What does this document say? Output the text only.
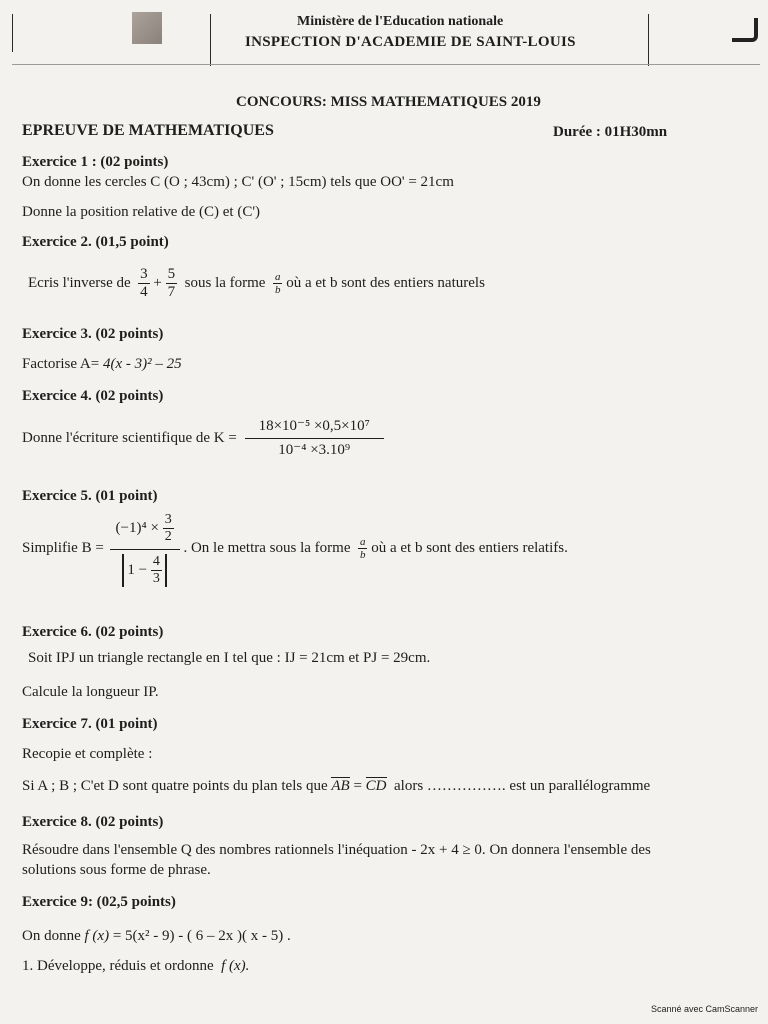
Ministère de l'Education nationale
INSPECTION D'ACADEMIE DE SAINT-LOUIS
CONCOURS: MISS MATHEMATIQUES 2019
EPREUVE DE MATHEMATIQUES	Durée : 01H30mn
Exercice 1 : (02 points)
On donne les cercles C (O ; 43cm) ; C' (O' ; 15cm) tels que OO' = 21cm
Donne la position relative de (C) et (C')
Exercice 2. (01,5 point)
Ecris l'inverse de $\frac{3}{4} + \frac{5}{7}$ sous la forme $\frac{a}{b}$ où a et b sont des entiers naturels
Exercice 3. (02 points)
Factorise A= 4(x - 3)² – 25
Exercice 4. (02 points)
Donne l'écriture scientifique de $K = \frac{\text{18×10⁻⁵ ×0,5×10⁷}}{\text{10⁻⁴ ×3.10⁹}}$
Exercice 5. (01 point)
Simplifie $B = \frac{(-1)^4 \times \frac{3}{2}}{1 - \frac{4}{3}}$ . On le mettra sous la forme $\frac{a}{b}$ où a et b sont des entiers relatifs.
Exercice 6. (02 points)
Soit IPJ un triangle rectangle en I tel que : IJ = 21cm et PJ = 29cm.
Calcule la longueur IP.
Exercice 7. (01 point)
Recopie et complète :
Si A ; B ; C'et D sont quatre points du plan tels que AB = CD alors ……………. est un parallélogramme
Exercice 8. (02 points)
Résoudre dans l'ensemble Q des nombres rationnels l'inéquation - 2x + 4 ≥ 0. On donnera l'ensemble des
solutions sous forme de phrase.
Exercice 9: (02,5 points)
On donne f (x) = 5(x² - 9) - ( 6 – 2x )( x - 5) .
1. Développe, réduis et ordonne f (x).
Scanné avec CamScanner
